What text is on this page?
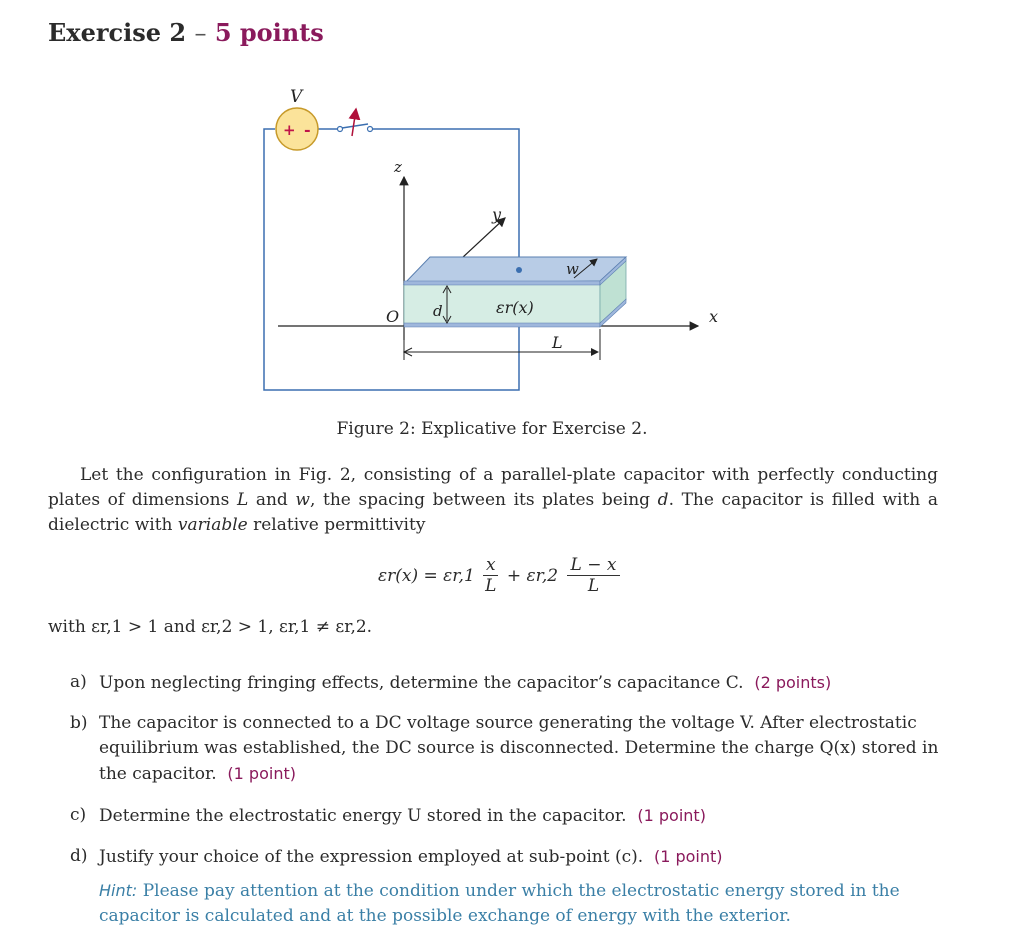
Exercise 2 – 5 points
+ -
V
z
x
y
O d	εr(x)
w
L
Figure 2: Explicative for Exercise 2.
Let the configuration in Fig. 2, consisting of a parallel-plate capacitor with perfectly conducting plates of dimensions L and w, the spacing between its plates being d. The capacitor is filled with a dielectric with variable relative permittivity
$\varepsilon r(x) = \varepsilon r,1 \frac{x}{L} + \varepsilon r,2 \frac{L - x}{L}$
with εr,1 > 1 and εr,2 > 1, εr,1 ≠ εr,2.
a) Upon neglecting fringing effects, determine the capacitor’s capacitance C. (2 points)
b) The capacitor is connected to a DC voltage source generating the voltage V. After electrostatic equilibrium was established, the DC source is disconnected. Determine the charge Q(x) stored in the capacitor. (1 point)
c) Determine the electrostatic energy U stored in the capacitor. (1 point)
d) Justify your choice of the expression employed at sub-point (c). (1 point)
Hint: Please pay attention at the condition under which the electrostatic energy stored in the capacitor is calculated and at the possible exchange of energy with the exterior.
